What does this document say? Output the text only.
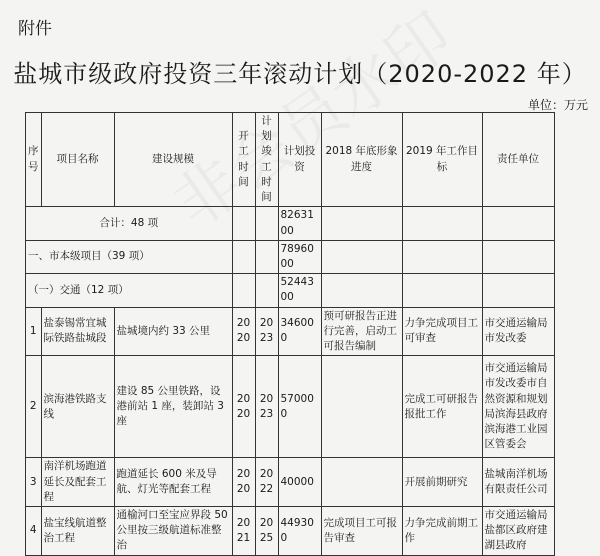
附件
盐城市级政府投资三年滚动计划（2020-2022 年）
单位：万元
序号	项目名称	建设规模	开工时间	计划竣工时间	计划投资	2018 年底形象进度	2019 年工作目标	责任单位
合计：48 项					8263100			
一、市本级项目（39 项）					7896000			
（一）交通（12 项）					5244300			
1	盐泰锡常宜城际铁路盐城段	盐城境内约 33 公里	2020	2023	346000	预可研报告正进行完善，启动工可报告编制	力争完成项目工可审查	市交通运输局市发改委
2	滨海港铁路支线	建设 85 公里铁路，设港前站 1 座，装卸站 3 座	2020	2023	570000		完成工可研报告报批工作	市交通运输局市发改委市自然资源和规划局滨海县政府滨海港工业园区管委会
3	南洋机场跑道延长及配套工程	跑道延长 600 米及导航、灯光等配套工程	2020	2022	40000		开展前期研究	盐城南洋机场有限责任公司
4	盐宝线航道整治工程	通榆河口至宝应界段 50 公里按三级航道标准整治	2021	2025	449300	完成项目工可报告审查	力争完成前期工作	市交通运输局盐都区政府建湖县政府
